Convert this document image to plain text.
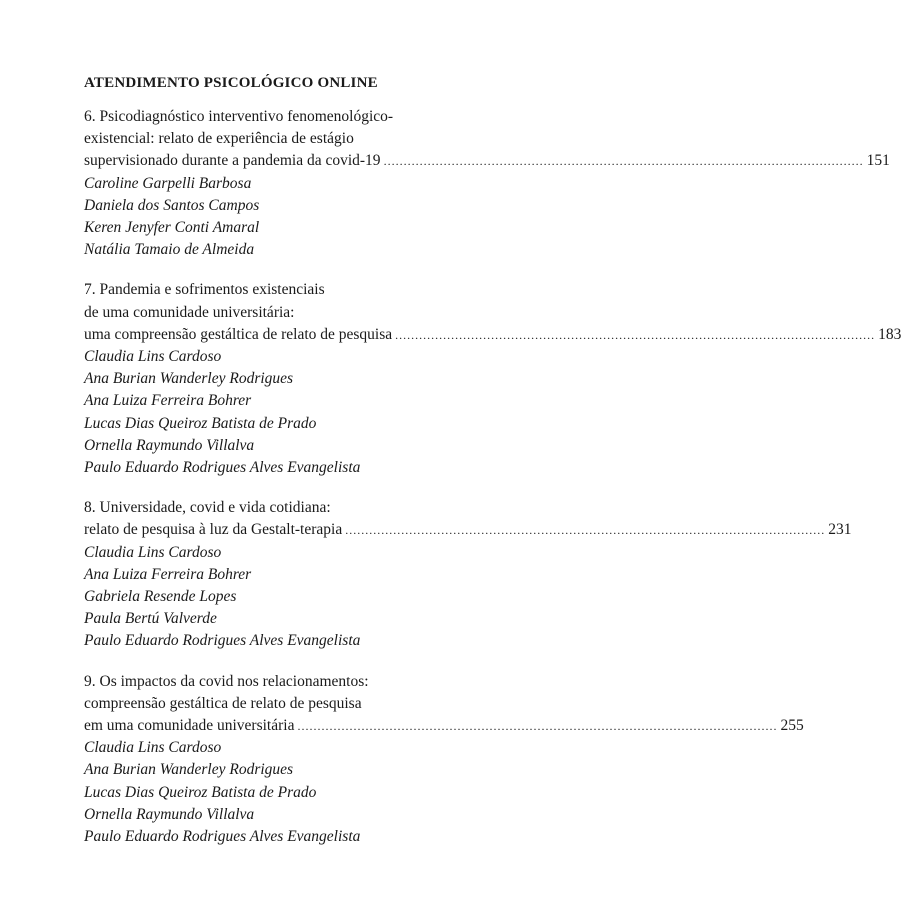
ATENDIMENTO PSICOLÓGICO ONLINE
6. Psicodiagnóstico interventivo fenomenológico-
existencial: relato de experiência de estágio
supervisionado durante a pandemia da covid-19 ........................................................................................................................ 151
Caroline Garpelli Barbosa
Daniela dos Santos Campos
Keren Jenyfer Conti Amaral
Natália Tamaio de Almeida
7. Pandemia e sofrimentos existenciais
de uma comunidade universitária:
uma compreensão gestáltica de relato de pesquisa ........................................................................................................................ 183
Claudia Lins Cardoso
Ana Burian Wanderley Rodrigues
Ana Luiza Ferreira Bohrer
Lucas Dias Queiroz Batista de Prado
Ornella Raymundo Villalva
Paulo Eduardo Rodrigues Alves Evangelista
8. Universidade, covid e vida cotidiana:
relato de pesquisa à luz da Gestalt-terapia ........................................................................................................................ 231
Claudia Lins Cardoso
Ana Luiza Ferreira Bohrer
Gabriela Resende Lopes
Paula Bertú Valverde
Paulo Eduardo Rodrigues Alves Evangelista
9. Os impactos da covid nos relacionamentos:
compreensão gestáltica de relato de pesquisa
em uma comunidade universitária ........................................................................................................................ 255
Claudia Lins Cardoso
Ana Burian Wanderley Rodrigues
Lucas Dias Queiroz Batista de Prado
Ornella Raymundo Villalva
Paulo Eduardo Rodrigues Alves Evangelista
